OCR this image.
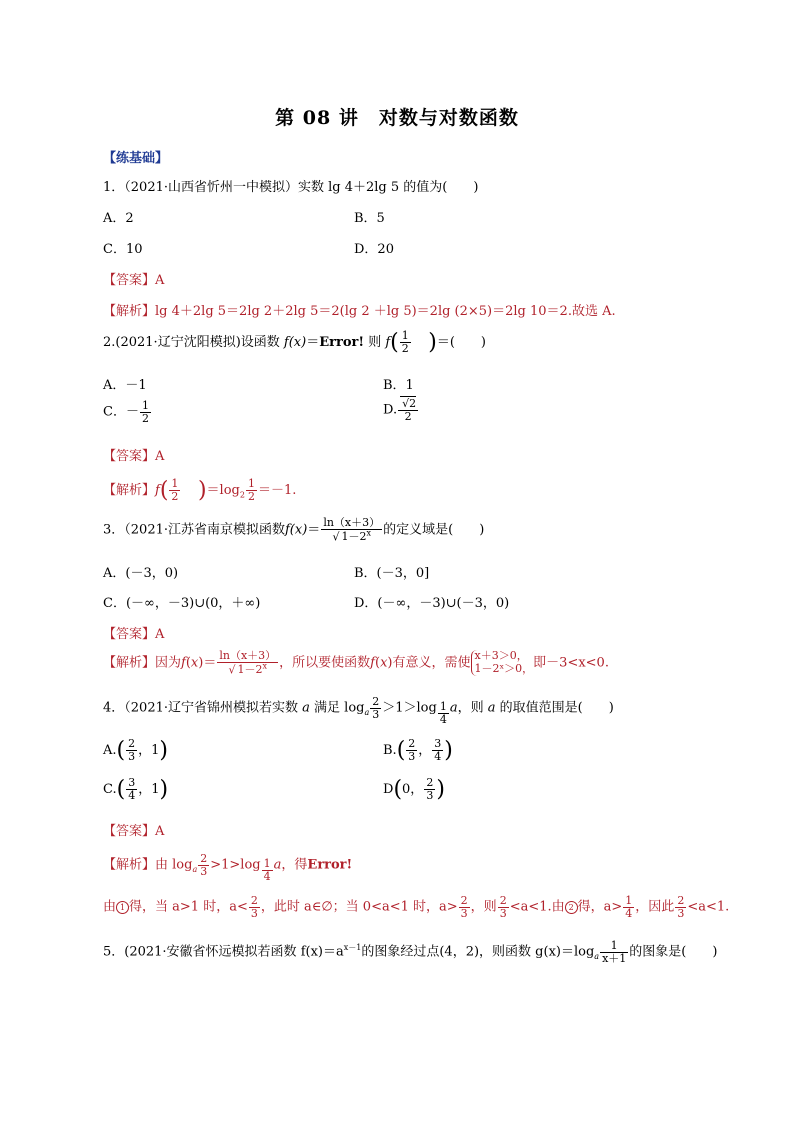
第 08 讲　对数与对数函数
【练基础】
1．（2021·山西省忻州一中模拟）实数 lg 4＋2lg 5 的值为(　　)
A．2	B．5
C．10	D．20
【答案】A
【解析】lg 4＋2lg 5＝2lg 2＋2lg 5＝2(lg 2 ＋lg 5)＝2lg (2×5)＝2lg 10＝2.故选 A.
2.(2021·辽宁沈阳模拟)设函数 f(x)＝Error! 则 $f( \frac{1}{2}$ )＝(　　)
A．－1	B．1
C．－ $\frac{1}{2}$	D. $\frac{√2}{2}$
【答案】A
【解析】$f( \frac{1}{2} )=\log_2 \frac{1}{2} =-1$.
3．（2021·江苏省南京模拟函数$f(x)= \frac{\ln(x+3)}{√ 1-2^x}$ 的定义域是(　　)
A．(－3，0)	B．(－3，0]
C．(－∞，－3)∪(0，＋∞)	D．(－∞，－3)∪(－3，0)
【答案】A
【解析】因为$f(x)= \frac{\ln(x+3)}{√ 1-2^x}$ ，所以要使函数f(x)有意义，需使 x＋3＞0，
1－2ˣ＞0，即－3<x<0.
4．（2021·辽宁省锦州模拟若实数 a 满足 $\log_a \frac{2}{3} >1>\log$ $_{\frac{1}{4}}$ a，则 a 的取值范围是(　　)
$A.( \frac{2}{3}$ ，1)	$B.( \frac{2}{3}$ ， $\frac{3}{4}$ )
$C.( \frac{3}{4}$ ，1)	D(0， $\frac{2}{3}$ )
【答案】A
【解析】由 $\log_a \frac{2}{3} >1>\log$ $_{\frac{1}{4}}$ a，得Error!
由 1 得，当 a>1 时，$a< \frac{2}{3}$ ，此时 a∈∅；当 0<a<1 时，$a> \frac{2}{3}$ ，则 $\frac{2}{3} <a<1$.由 2 得，$a> \frac{1}{4}$ ，因此 $\frac{2}{3} <a<1$.
5．(2021·安徽省怀远模拟若函数 $f(x)=a^{x-1}$的图象经过点(4，2)，则函数 $g(x)=\log_a \frac{1}{x+1}$ 的图象是(　　)
